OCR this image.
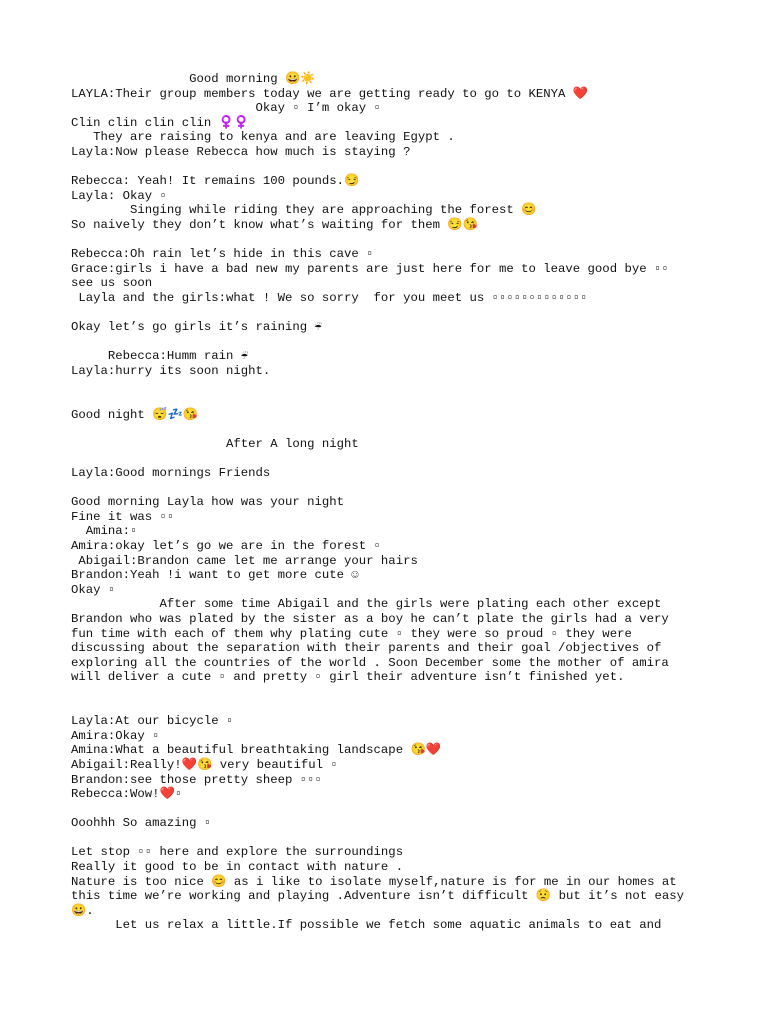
Good morning 😀☀️
LAYLA:Their group members today we are getting ready to go to KENYA ❤️
Okay ▫ I’m okay ▫
Clin clin clin clin ♀️♀️
They are raising to kenya and are leaving Egypt .
Layla:Now please Rebecca how much is staying ?

Rebecca: Yeah! It remains 100 pounds.😏
Layla: Okay ▫
Singing while riding they are approaching the forest 😊
So naively they don’t know what’s waiting for them 😏😘

Rebecca:Oh rain let’s hide in this cave ▫
Grace:girls i have a bad new my parents are just here for me to leave good bye ▫▫
see us soon
Layla and the girls:what ! We so sorry  for you meet us ▫▫▫▫▫▫▫▫▫▫▫▫▫

Okay let’s go girls it’s raining ☔

Rebecca:Humm rain ☔
Layla:hurry its soon night.

Good night 😴💤😘

After A long night

Layla:Good mornings Friends

Good morning Layla how was your night
Fine it was ▫▫
Amina:▫
Amira:okay let’s go we are in the forest ▫
Abigail:Brandon came let me arrange your hairs
Brandon:Yeah !i want to get more cute ☺
Okay ▫
After some time Abigail and the girls were plating each other except
Brandon who was plated by the sister as a boy he can’t plate the girls had a very
fun time with each of them why plating cute ▫ they were so proud ▫ they were
discussing about the separation with their parents and their goal /objectives of
exploring all the countries of the world . Soon December some the mother of amira
will deliver a cute ▫ and pretty ▫ girl their adventure isn’t finished yet.

Layla:At our bicycle ▫
Amira:Okay ▫
Amina:What a beautiful breathtaking landscape 😘❤️
Abigail:Really!❤️😘 very beautiful ▫
Brandon:see those pretty sheep ▫▫▫
Rebecca:Wow!❤️▫

Ooohhh So amazing ▫

Let stop ▫▫ here and explore the surroundings
Really it good to be in contact with nature .
Nature is too nice 😊 as i like to isolate myself,nature is for me in our homes at
this time we’re working and playing .Adventure isn’t difficult 😟 but it’s not easy
😀.
Let us relax a little.If possible we fetch some aquatic animals to eat and
